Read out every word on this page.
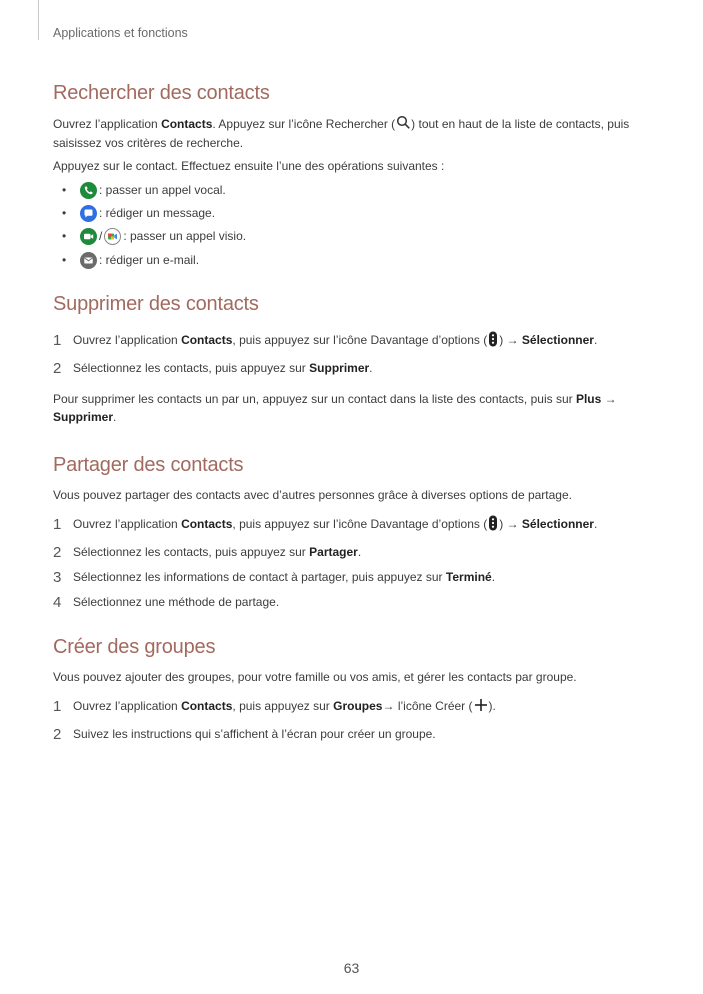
Applications et fonctions
Rechercher des contacts
Ouvrez l’application Contacts. Appuyez sur l’icône Rechercher ( ) tout en haut de la liste de contacts, puis
saisissez vos critères de recherche.
Appuyez sur le contact. Effectuez ensuite l’une des opérations suivantes :
•	: passer un appel vocal.
•	: rédiger un message.
•	/ : passer un appel visio.
•	: rédiger un e-mail.
Supprimer des contacts
1 Ouvrez l’application
Contacts , puis appuyez sur l’icône Davantage d’options ( ) →
Sélectionner .
2 Sélectionnez les contacts, puis appuyez sur
Supprimer .
Pour supprimer les contacts un par un, appuyez sur un contact dans la liste des contacts, puis sur Plus →
Supprimer.
Partager des contacts
Vous pouvez partager des contacts avec d’autres personnes grâce à diverses options de partage.
1 Ouvrez l’application
Contacts , puis appuyez sur l’icône Davantage d’options ( ) →
Sélectionner .
2 Sélectionnez les contacts, puis appuyez sur
Partager .
3 Sélectionnez les informations de contact à partager, puis appuyez sur
Terminé .
4 Sélectionnez une méthode de partage.
Créer des groupes
Vous pouvez ajouter des groupes, pour votre famille ou vos amis, et gérer les contacts par groupe.
1 Ouvrez l’application
Contacts , puis appuyez sur
Groupes → l’icône Créer ( ).
2 Suivez les instructions qui s’affichent à l’écran pour créer un groupe.
63
